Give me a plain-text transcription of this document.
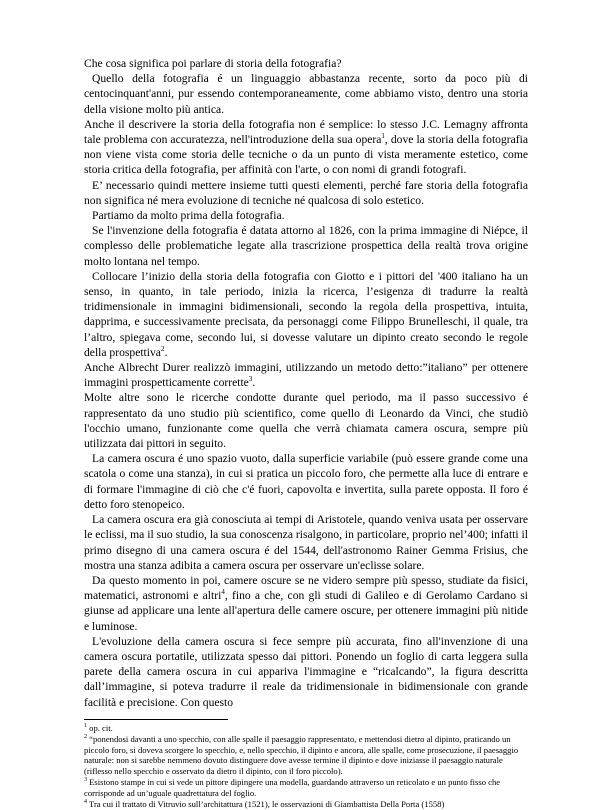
Che cosa significa poi parlare di storia della fotografia?

Quello della fotografia é un linguaggio abbastanza recente, sorto da poco più di centocinquant'anni, pur essendo contemporaneamente, come abbiamo visto, dentro una storia della visione molto più antica.

Anche il descrivere la storia della fotografia non é semplice: lo stesso J.C. Lemagny affronta tale problema con accuratezza, nell'introduzione della sua opera$^1$, dove la storia della fotografia non viene vista come storia delle tecniche o da un punto di vista meramente estetico, come storia critica della fotografia, per affinità con l'arte, o con nomi di grandi fotografi.

E’ necessario quindi mettere insieme tutti questi elementi, perché fare storia della fotografia non significa né mera evoluzione di tecniche né qualcosa di solo estetico.

Partiamo da molto prima della fotografia.

Se l'invenzione della fotografia é datata attorno al 1826, con la prima immagine di Niépce, il complesso delle problematiche legate alla trascrizione prospettica della realtà trova origine molto lontana nel tempo.

Collocare l’inizio della storia della fotografia con Giotto e i pittori del '400 italiano ha un senso, in quanto, in tale periodo, inizia la ricerca, l’esigenza di tradurre la realtà tridimensionale in immagini bidimensionali, secondo la regola della prospettiva, intuita, dapprima, e successivamente precisata, da personaggi come Filippo Brunelleschi, il quale, tra l’altro, spiegava come, secondo lui, si dovesse valutare un dipinto creato secondo le regole della prospettiva$^2$.

Anche Albrecht Durer realizzò immagini, utilizzando un metodo detto:”italiano” per ottenere immagini prospetticamente corrette$^3$.

Molte altre sono le ricerche condotte durante quel periodo, ma il passo successivo é rappresentato da uno studio più scientifico, come quello di Leonardo da Vinci, che studiò l'occhio umano, funzionante come quella che verrà chiamata camera oscura, sempre più utilizzata dai pittori in seguito.

La camera oscura é uno spazio vuoto, dalla superficie variabile (può essere grande come una scatola o come una stanza), in cui si pratica un piccolo foro, che permette alla luce di entrare e di formare l'immagine di ciò che c'é fuori, capovolta e invertita, sulla parete opposta. Il foro é detto foro stenopeico.

La camera oscura era già conosciuta ai tempi di Aristotele, quando veniva usata per osservare le eclissi, ma il suo studio, la sua conoscenza risalgono, in particolare, proprio nel’400; infatti il primo disegno di una camera oscura é del 1544, dell'astronomo Rainer Gemma Frisius, che mostra una stanza adibita a camera oscura per osservare un'eclisse solare.

Da questo momento in poi, camere oscure se ne videro sempre più spesso, studiate da fisici, matematici, astronomi e altri$^4$, fino a che, con gli studi di Galileo e di Gerolamo Cardano si giunse ad applicare una lente all'apertura delle camere oscure, per ottenere immagini più nitide e luminose.

L'evoluzione della camera oscura si fece sempre più accurata, fino all'invenzione di una camera oscura portatile, utilizzata spesso dai pittori. Ponendo un foglio di carta leggera sulla parete della camera oscura in cui appariva l'immagine e “ricalcando”, la figura descritta dall’immagine, si poteva tradurre il reale da tridimensionale in bidimensionale con grande facilità e precisione. Con questo

$^1$ op. cit.

$^2$ “ponendosi davanti a uno specchio, con alle spalle il paesaggio rappresentato, e mettendosi dietro al dipinto, praticando un piccolo foro, si doveva scorgere lo specchio, e, nello specchio, il dipinto e ancora, alle spalle, come prosecuzione, il paesaggio naturale: non si sarebbe nemmeno dovuto distinguere dove avesse termine il dipinto e dove iniziasse il paesaggio naturale (riflesso nello specchio e osservato da dietro il dipinto, con il foro piccolo).

$^3$ Esistono stampe in cui si vede un pittore dipingere una modella, guardando attraverso un reticolato e un punto fisso che corrisponde ad un’uguale quadrettatura del foglio.

$^4$ Tra cui il trattato di Vitruvio sull’architattura (1521), le osservazioni di Giambattista Della Porta (1558)
